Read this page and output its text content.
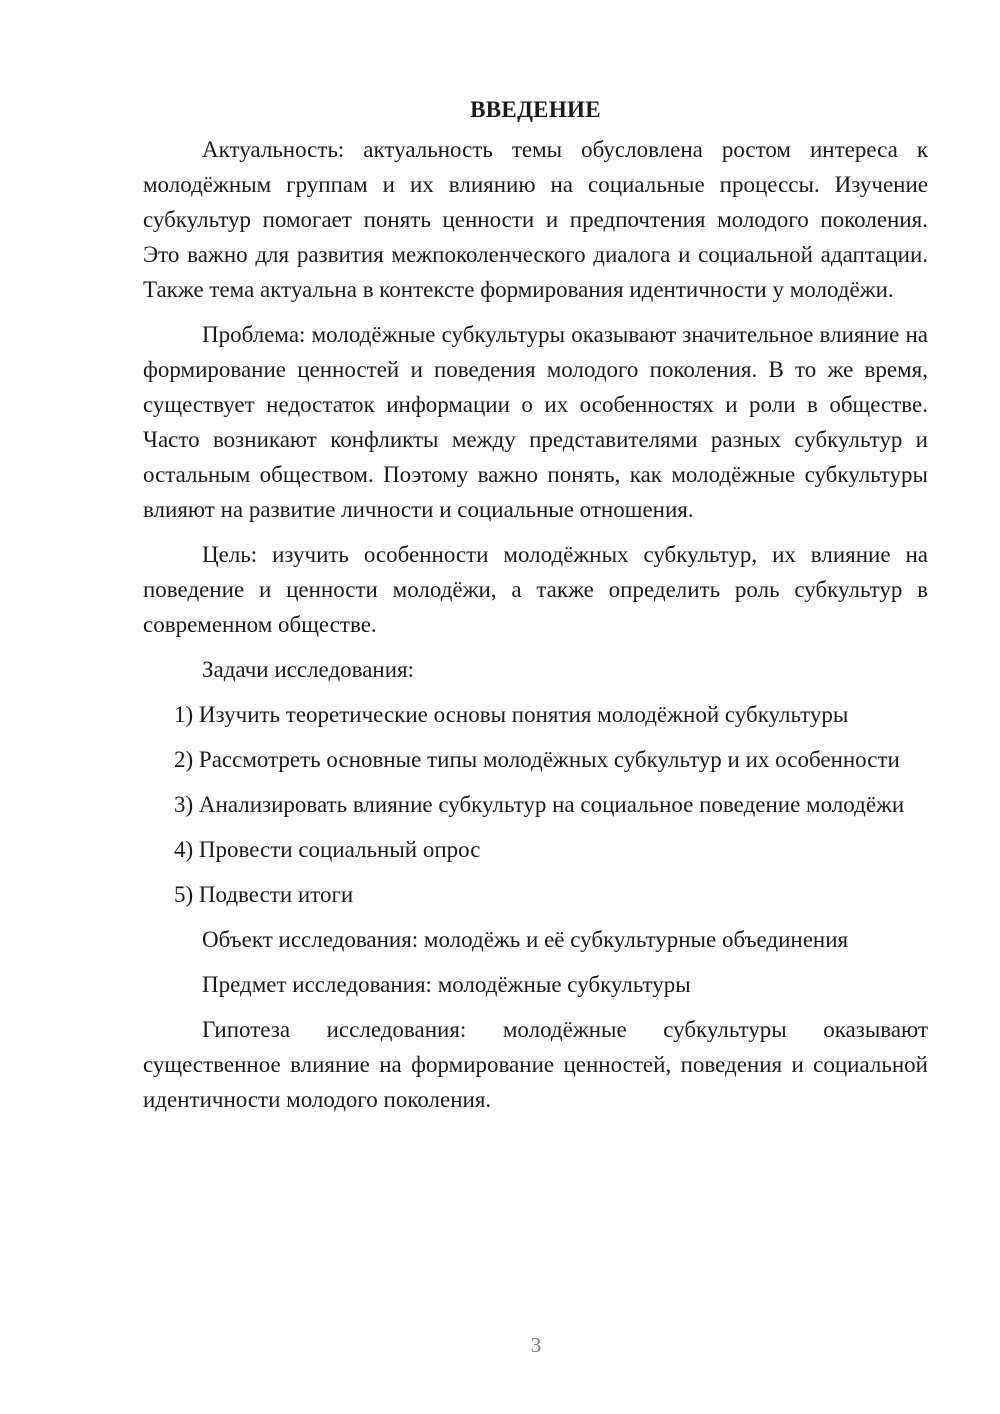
ВВЕДЕНИЕ

Актуальность: актуальность темы обусловлена ростом интереса к молодёжным группам и их влиянию на социальные процессы. Изучение субкультур помогает понять ценности и предпочтения молодого поколения. Это важно для развития межпоколенческого диалога и социальной адаптации. Также тема актуальна в контексте формирования идентичности у молодёжи.

Проблема: молодёжные субкультуры оказывают значительное влияние на формирование ценностей и поведения молодого поколения. В то же время, существует недостаток информации о их особенностях и роли в обществе. Часто возникают конфликты между представителями разных субкультур и остальным обществом. Поэтому важно понять, как молодёжные субкультуры влияют на развитие личности и социальные отношения.

Цель: изучить особенности молодёжных субкультур, их влияние на поведение и ценности молодёжи, а также определить роль субкультур в современном обществе.

Задачи исследования:

1) Изучить теоретические основы понятия молодёжной субкультуры

2) Рассмотреть основные типы молодёжных субкультур и их особенности

3) Анализировать влияние субкультур на социальное поведение молодёжи

4) Провести социальный опрос

5) Подвести итоги

Объект исследования: молодёжь и её субкультурные объединения

Предмет исследования: молодёжные субкультуры

Гипотеза исследования: молодёжные субкультуры оказывают существенное влияние на формирование ценностей, поведения и социальной идентичности молодого поколения.

3
